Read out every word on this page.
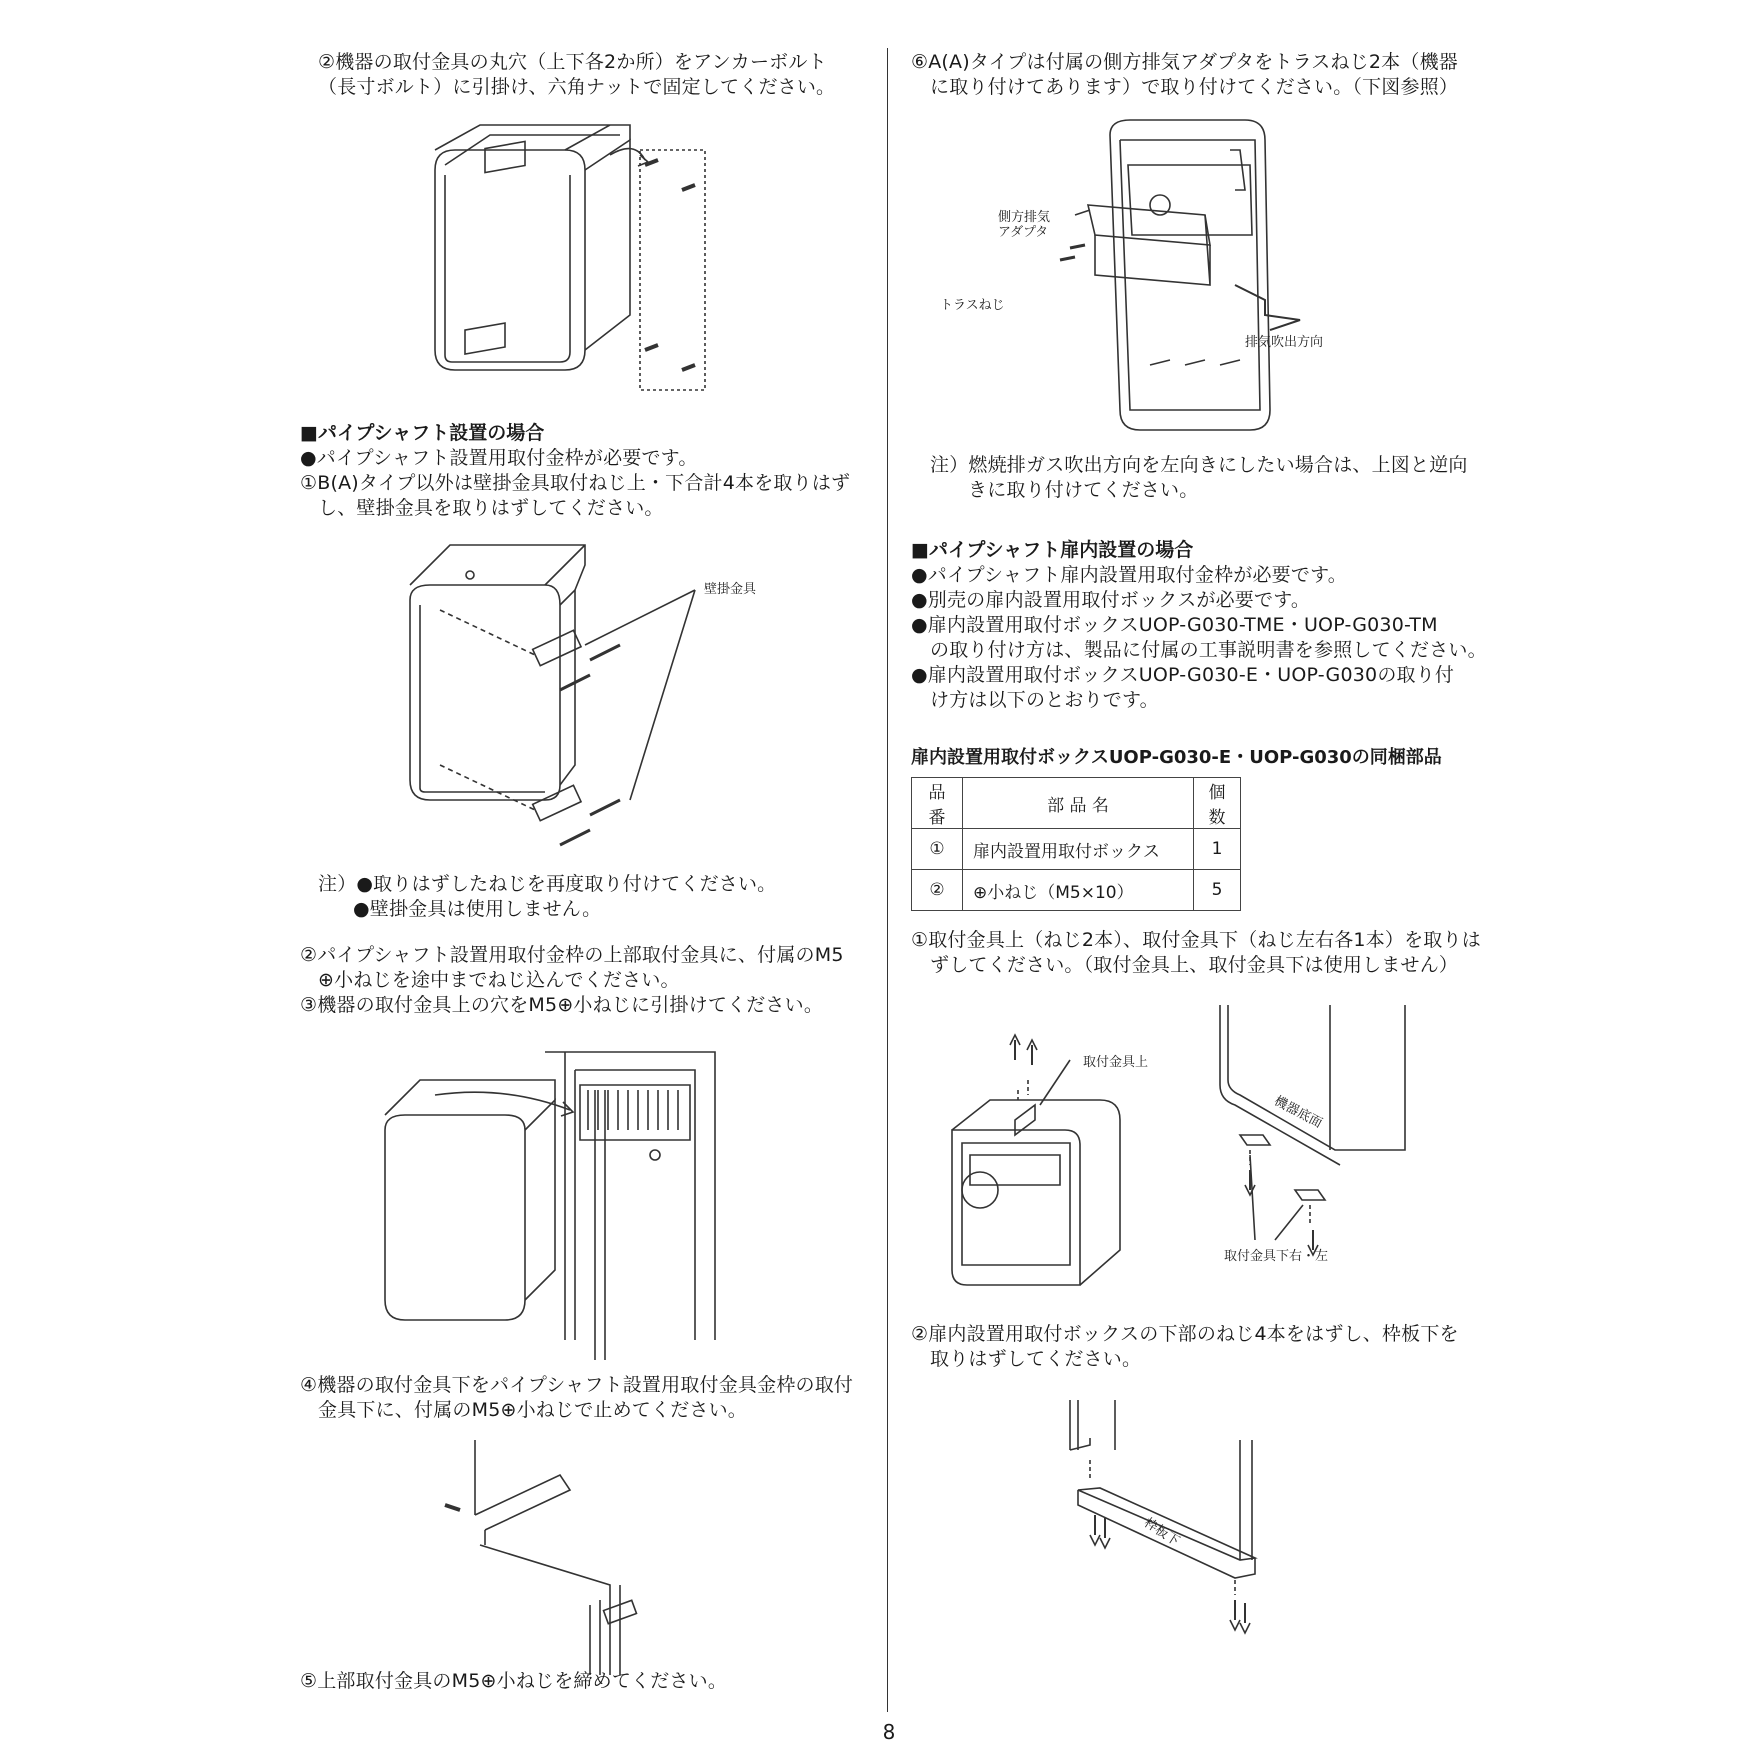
②機器の取付金具の丸穴（上下各2か所）をアンカーボルト
（長寸ボルト）に引掛け、六角ナットで固定してください。
■パイプシャフト設置の場合
●パイプシャフト設置用取付金枠が必要です。
①B(A)タイプ以外は壁掛金具取付ねじ上・下合計4本を取りはず
し、壁掛金具を取りはずしてください。
壁掛金具
注）●取りはずしたねじを再度取り付けてください。
●壁掛金具は使用しません。
②パイプシャフト設置用取付金枠の上部取付金具に、付属のM5
⊕小ねじを途中までねじ込んでください。
③機器の取付金具上の穴をM5⊕小ねじに引掛けてください。
④機器の取付金具下をパイプシャフト設置用取付金具金枠の取付
金具下に、付属のM5⊕小ねじで止めてください。
⑤上部取付金具のM5⊕小ねじを締めてください。
8
⑥A(A)タイプは付属の側方排気アダプタをトラスねじ2本（機器
に取り付けてあります）で取り付けてください。（下図参照）
側方排気
アダプタ
トラスねじ
排気吹出方向
注）燃焼排ガス吹出方向を左向きにしたい場合は、上図と逆向
きに取り付けてください。
■パイプシャフト扉内設置の場合
●パイプシャフト扉内設置用取付金枠が必要です。
●別売の扉内設置用取付ボックスが必要です。
●扉内設置用取付ボックスUOP-G030-TME・UOP-G030-TM
の取り付け方は、製品に付属の工事説明書を参照してください。
●扉内設置用取付ボックスUOP-G030-E・UOP-G030の取り付
け方は以下のとおりです。
扉内設置用取付ボックスUOP-G030-E・UOP-G030の同梱部品
品番	部 品 名	個数
①	扉内設置用取付ボックス	1
②	⊕小ねじ（M5×10）	5
①取付金具上（ねじ2本）、取付金具下（ねじ左右各1本）を取りは
ずしてください。（取付金具上、取付金具下は使用しません）
取付金具上
機器底面
取付金具下右・左
②扉内設置用取付ボックスの下部のねじ4本をはずし、枠板下を
取りはずしてください。
枠板下
